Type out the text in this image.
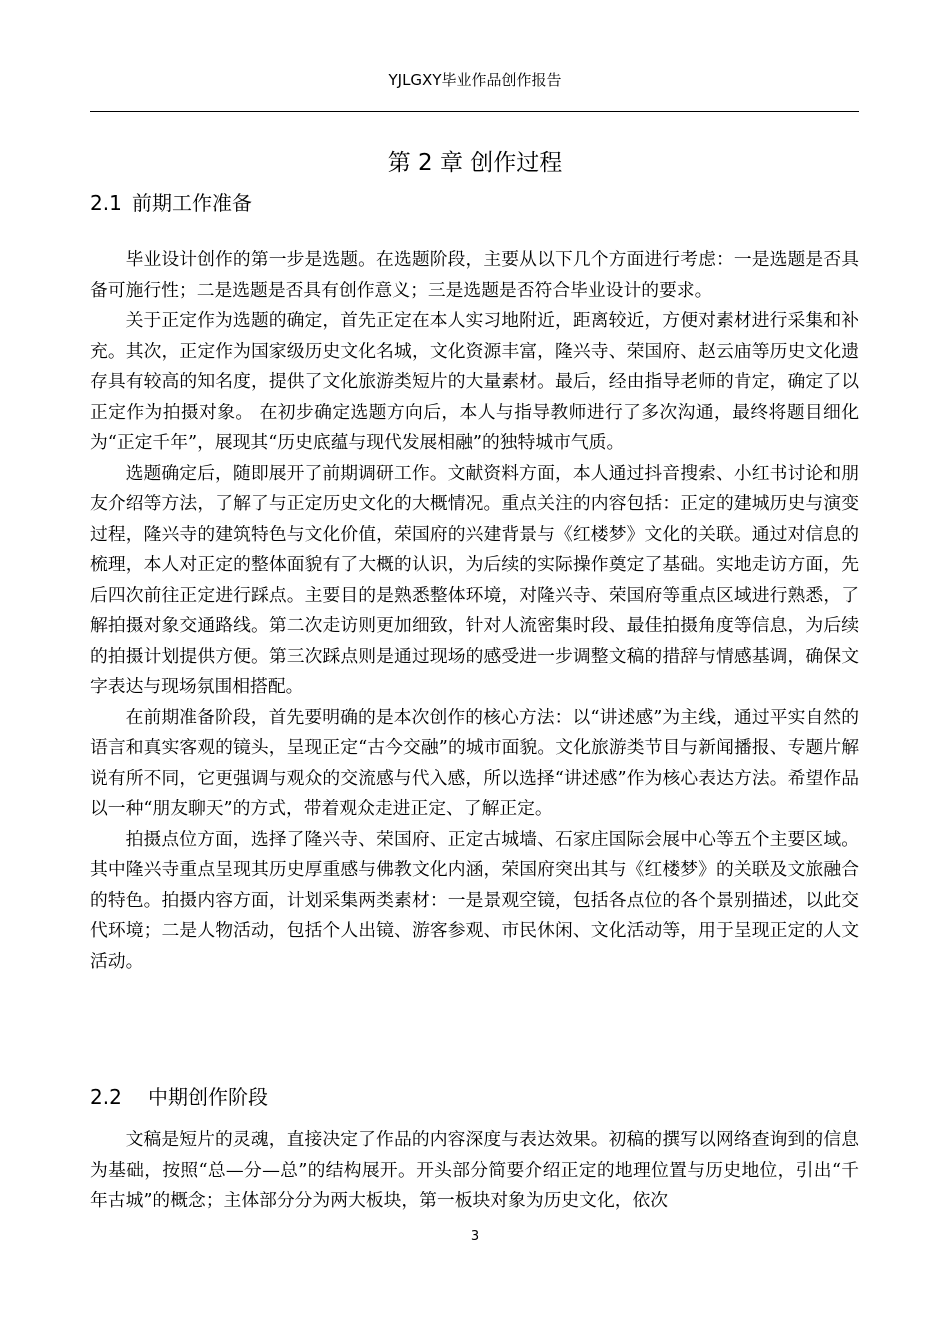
YJLGXY毕业作品创作报告
第 2 章 创作过程
2.1 前期工作准备

毕业设计创作的第一步是选题。在选题阶段，主要从以下几个方面进行考虑：一是选题是否具备可施行性；二是选题是否具有创作意义；三是选题是否符合毕业设计的要求。

关于正定作为选题的确定，首先正定在本人实习地附近，距离较近，方便对素材进行采集和补充。其次，正定作为国家级历史文化名城，文化资源丰富，隆兴寺、荣国府、赵云庙等历史文化遗存具有较高的知名度，提供了文化旅游类短片的大量素材。最后，经由指导老师的肯定，确定了以正定作为拍摄对象。 在初步确定选题方向后，本人与指导教师进行了多次沟通，最终将题目细化为“正定千年”，展现其“历史底蕴与现代发展相融”的独特城市气质。

选题确定后，随即展开了前期调研工作。文献资料方面，本人通过抖音搜索、小红书讨论和朋友介绍等方法，了解了与正定历史文化的大概情况。重点关注的内容包括：正定的建城历史与演变过程，隆兴寺的建筑特色与文化价值，荣国府的兴建背景与《红楼梦》文化的关联。通过对信息的梳理，本人对正定的整体面貌有了大概的认识，为后续的实际操作奠定了基础。实地走访方面，先后四次前往正定进行踩点。主要目的是熟悉整体环境，对隆兴寺、荣国府等重点区域进行熟悉，了解拍摄对象交通路线。第二次走访则更加细致，针对人流密集时段、最佳拍摄角度等信息，为后续的拍摄计划提供方便。第三次踩点则是通过现场的感受进一步调整文稿的措辞与情感基调，确保文字表达与现场氛围相搭配。

在前期准备阶段，首先要明确的是本次创作的核心方法：以“讲述感”为主线，通过平实自然的语言和真实客观的镜头，呈现正定“古今交融”的城市面貌。文化旅游类节目与新闻播报、专题片解说有所不同，它更强调与观众的交流感与代入感，所以选择“讲述感”作为核心表达方法。希望作品以一种“朋友聊天”的方式，带着观众走进正定、了解正定。

拍摄点位方面，选择了隆兴寺、荣国府、正定古城墙、石家庄国际会展中心等五个主要区域。其中隆兴寺重点呈现其历史厚重感与佛教文化内涵，荣国府突出其与《红楼梦》的关联及文旅融合的特色。拍摄内容方面，计划采集两类素材：一是景观空镜，包括各点位的各个景别描述，以此交代环境；二是人物活动，包括个人出镜、游客参观、市民休闲、文化活动等，用于呈现正定的人文活动。

2.2 中期创作阶段

文稿是短片的灵魂，直接决定了作品的内容深度与表达效果。初稿的撰写以网络查询到的信息为基础，按照“总—分—总”的结构展开。开头部分简要介绍正定的地理位置与历史地位，引出“千年古城”的概念；主体部分分为两大板块，第一板块对象为历史文化，依次

3
